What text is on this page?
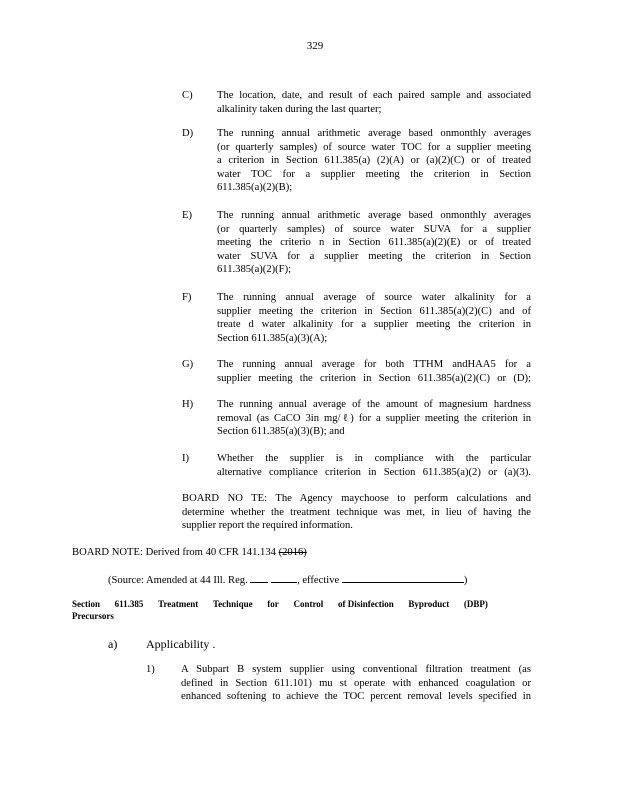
329
C) The location, date, and result of each paired sample and associated
alkalinity taken during the last quarter;
D) The running annual arithmetic average based onmonthly averages
(or quarterly samples) of source water TOC for a supplier meeting
a criterion in Section 611.385(a) (2)(A) or (a)(2)(C) or of treated
water TOC for a supplier meeting the criterion in Section
611.385(a)(2)(B);
E) The running annual arithmetic average based onmonthly averages
(or quarterly samples) of source water SUVA for a supplier
meeting the criterio n in Section 611.385(a)(2)(E) or of treated
water SUVA for a supplier meeting the criterion in Section
611.385(a)(2)(F);
F) The running annual average of source water alkalinity for a
supplier meeting the criterion in Section 611.385(a)(2)(C) and of
treate d water alkalinity for a supplier meeting the criterion in
Section 611.385(a)(3)(A);
G) The running annual average for both TTHM andHAA5 for a
supplier meeting the criterion in Section 611.385(a)(2)(C) or (D);
H) The running annual average of the amount of magnesium hardness
removal (as CaCO 3in mg/ℓ) for a supplier meeting the criterion in
Section 611.385(a)(3)(B); and
I)	Whether the supplier is in compliance with the particular
alternative compliance criterion in Section 611.385(a)(2) or (a)(3).
BOARD NO TE: The Agency maychoose to perform calculations and
determine whether the treatment technique was met, in lieu of having the
supplier report the required information.
BOARD NOTE: Derived from 40 CFR 141.134 (2016)
(Source: Amended at 44 Ill. Reg.	, effective	)
Section 611.385 Treatment Technique for Control of Disinfection Byproduct (DBP)
Precursors
a) Applicability .
1) A Subpart B system supplier using conventional filtration treatment (as
defined in Section 611.101) mu st operate with enhanced coagulation or
enhanced softening to achieve the TOC percent removal levels specified in
